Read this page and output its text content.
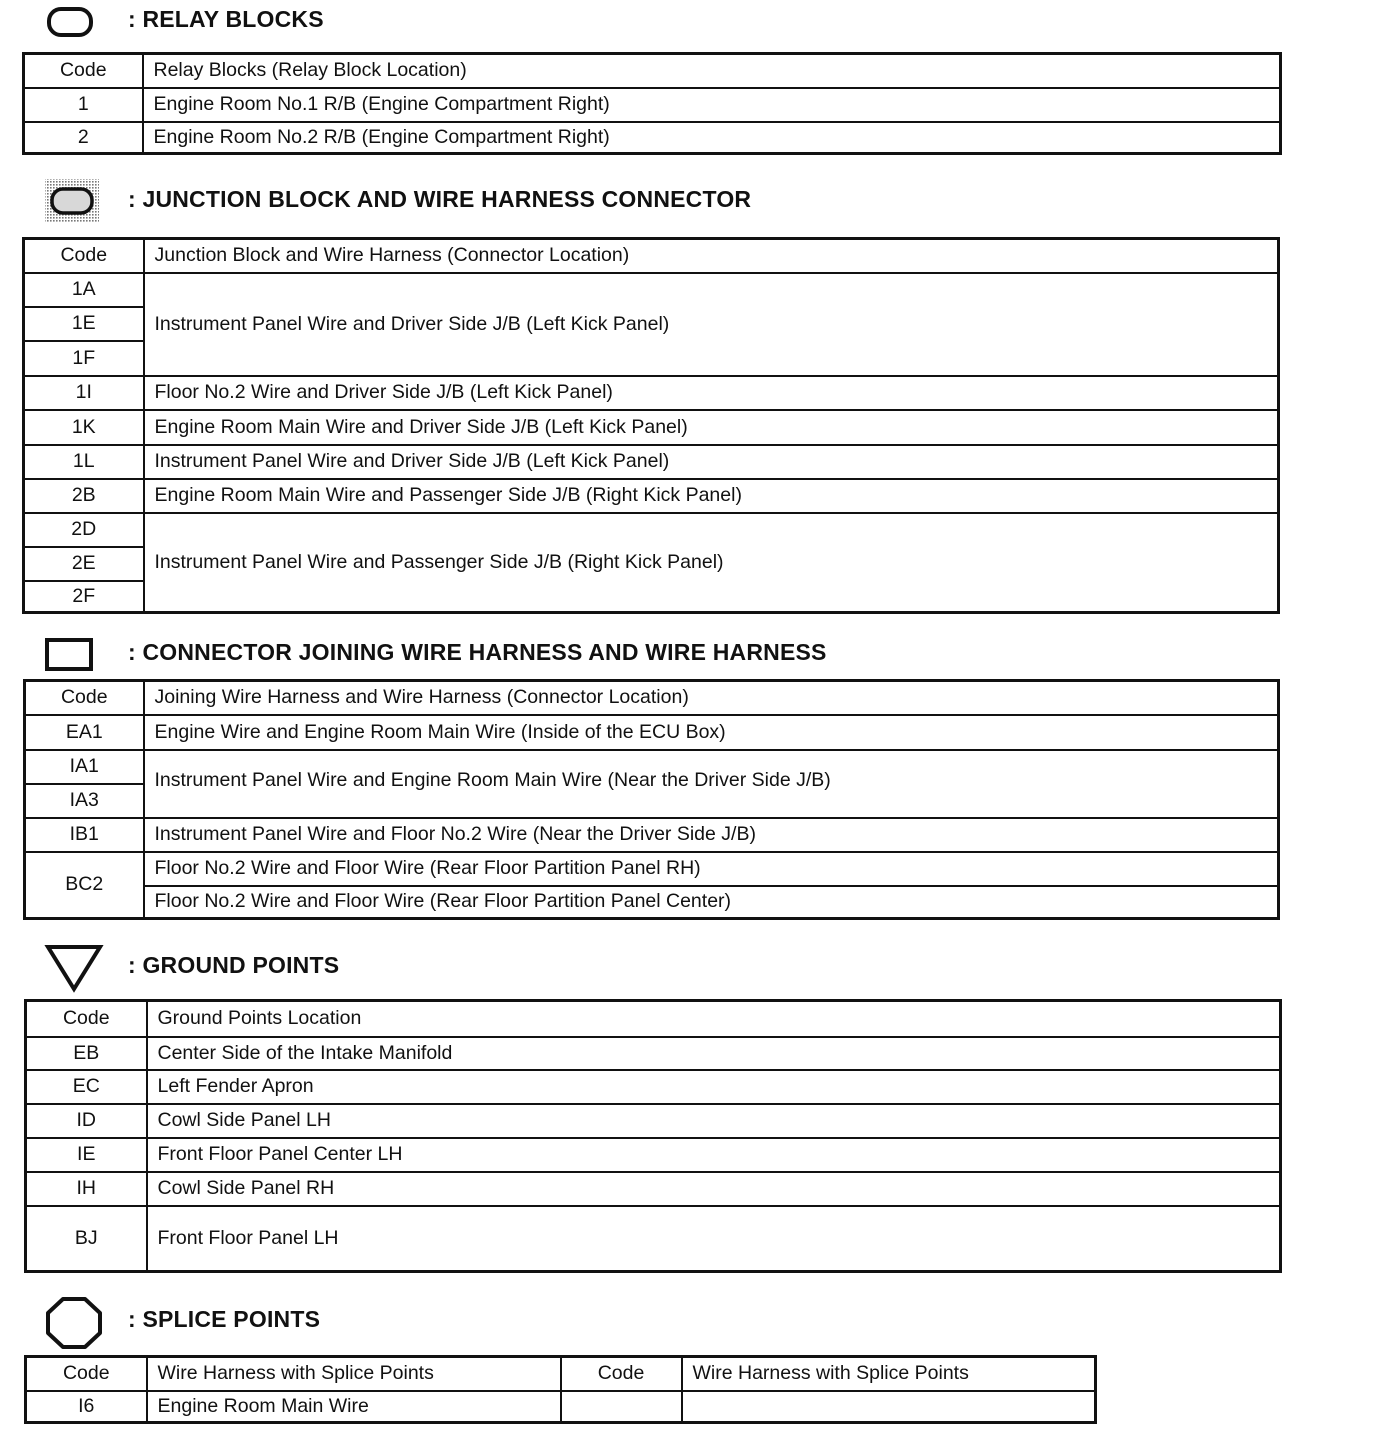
: RELAY BLOCKS
Code	Relay Blocks (Relay Block Location)
1	Engine Room No.1 R/B (Engine Compartment Right)
2	Engine Room No.2 R/B (Engine Compartment Right)
: JUNCTION BLOCK AND WIRE HARNESS CONNECTOR
Code	Junction Block and Wire Harness (Connector Location)
1A	Instrument Panel Wire and Driver Side J/B (Left Kick Panel)
1E	
1F	
1I	Floor No.2 Wire and Driver Side J/B (Left Kick Panel)
1K	Engine Room Main Wire and Driver Side J/B (Left Kick Panel)
1L	Instrument Panel Wire and Driver Side J/B (Left Kick Panel)
2B	Engine Room Main Wire and Passenger Side J/B (Right Kick Panel)
2D	Instrument Panel Wire and Passenger Side J/B (Right Kick Panel)
2E	
2F	
: CONNECTOR JOINING WIRE HARNESS AND WIRE HARNESS
Code	Joining Wire Harness and Wire Harness (Connector Location)
EA1	Engine Wire and Engine Room Main Wire (Inside of the ECU Box)
IA1	Instrument Panel Wire and Engine Room Main Wire (Near the Driver Side J/B)
IA3	
IB1	Instrument Panel Wire and Floor No.2 Wire (Near the Driver Side J/B)
BC2	Floor No.2 Wire and Floor Wire (Rear Floor Partition Panel RH)
	Floor No.2 Wire and Floor Wire (Rear Floor Partition Panel Center)
: GROUND POINTS
Code	Ground Points Location
EB	Center Side of the Intake Manifold
EC	Left Fender Apron
ID	Cowl Side Panel LH
IE	Front Floor Panel Center LH
IH	Cowl Side Panel RH
BJ	Front Floor Panel LH
: SPLICE POINTS
Code	Wire Harness with Splice Points	Code	Wire Harness with Splice Points
I6	Engine Room Main Wire		
